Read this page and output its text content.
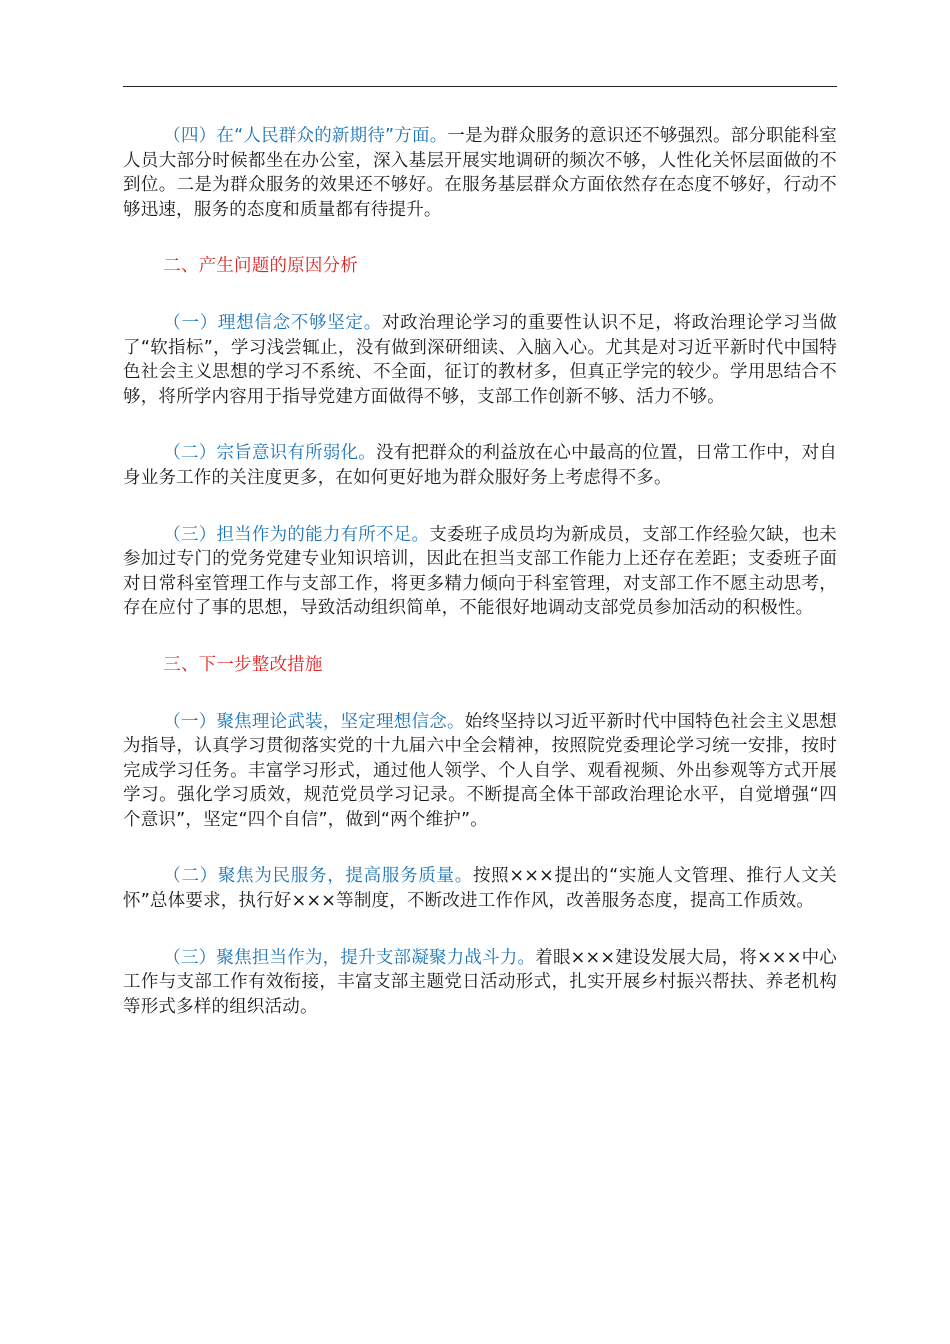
（四）在“人民群众的新期待”方面。一是为群众服务的意识还不够强烈。部分职能科室人员大部分时候都坐在办公室，深入基层开展实地调研的频次不够，人性化关怀层面做的不到位。二是为群众服务的效果还不够好。在服务基层群众方面依然存在态度不够好，行动不够迅速，服务的态度和质量都有待提升。

二、产生问题的原因分析

（一）理想信念不够坚定。对政治理论学习的重要性认识不足，将政治理论学习当做了“软指标”，学习浅尝辄止，没有做到深研细读、入脑入心。尤其是对习近平新时代中国特色社会主义思想的学习不系统、不全面，征订的教材多，但真正学完的较少。学用思结合不够，将所学内容用于指导党建方面做得不够，支部工作创新不够、活力不够。

（二）宗旨意识有所弱化。没有把群众的利益放在心中最高的位置，日常工作中，对自身业务工作的关注度更多，在如何更好地为群众服好务上考虑得不多。

（三）担当作为的能力有所不足。支委班子成员均为新成员，支部工作经验欠缺，也未参加过专门的党务党建专业知识培训，因此在担当支部工作能力上还存在差距；支委班子面对日常科室管理工作与支部工作，将更多精力倾向于科室管理，对支部工作不愿主动思考，存在应付了事的思想，导致活动组织简单，不能很好地调动支部党员参加活动的积极性。

三、下一步整改措施

（一）聚焦理论武装，坚定理想信念。始终坚持以习近平新时代中国特色社会主义思想为指导，认真学习贯彻落实党的十九届六中全会精神，按照院党委理论学习统一安排，按时完成学习任务。丰富学习形式，通过他人领学、个人自学、观看视频、外出参观等方式开展学习。强化学习质效，规范党员学习记录。不断提高全体干部政治理论水平，自觉增强“四个意识”，坚定“四个自信”，做到“两个维护”。

（二）聚焦为民服务，提高服务质量。按照×××提出的“实施人文管理、推行人文关怀”总体要求，执行好×××等制度，不断改进工作作风，改善服务态度，提高工作质效。

（三）聚焦担当作为，提升支部凝聚力战斗力。着眼×××建设发展大局，将×××中心工作与支部工作有效衔接，丰富支部主题党日活动形式，扎实开展乡村振兴帮扶、养老机构等形式多样的组织活动。
